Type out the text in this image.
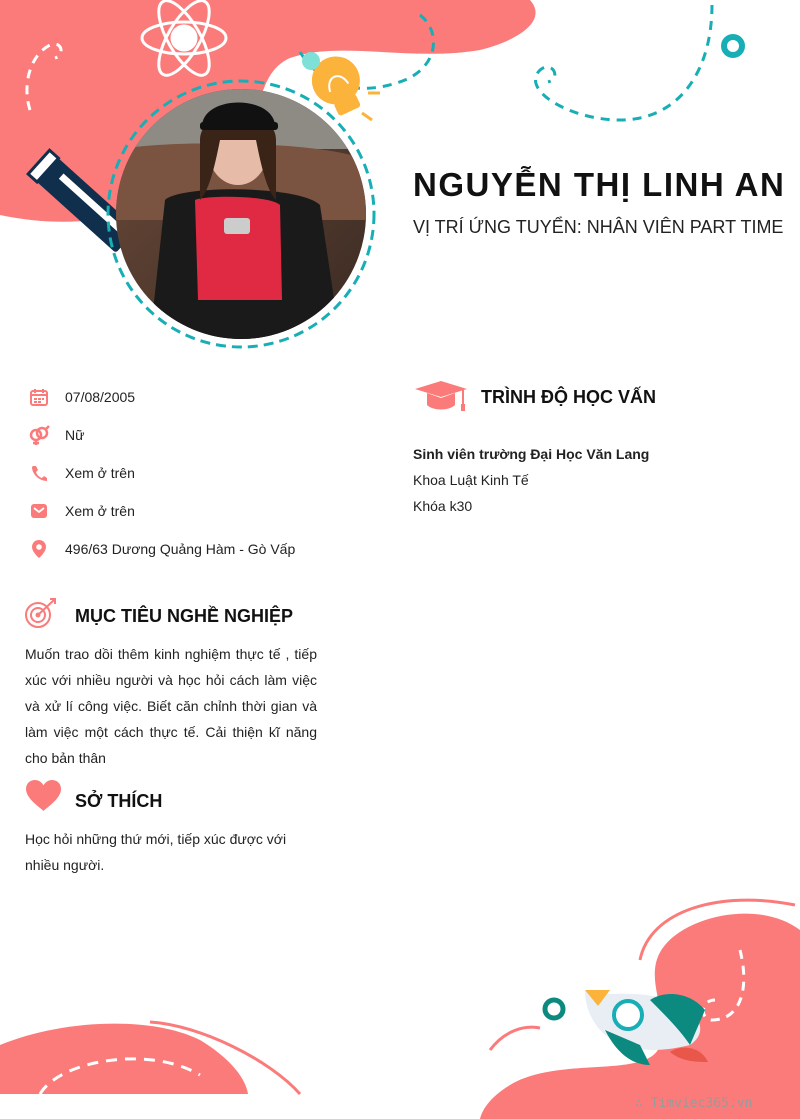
NGUYỄN THỊ LINH AN
VỊ TRÍ ỨNG TUYỂN: NHÂN VIÊN PART TIME
07/08/2005
Nữ
Xem ở trên
Xem ở trên
496/63 Dương Quảng Hàm - Gò Vấp
MỤC TIÊU NGHỀ NGHIỆP
Muốn trao dồi thêm kinh nghiệm thực tế , tiếp xúc với nhiều người và học hỏi cách làm việc và xử lí công việc. Biết căn chỉnh thời gian và làm việc một cách thực tế. Cải thiện kĩ năng cho bản thân
SỞ THÍCH
Học hỏi những thứ mới, tiếp xúc được với nhiều người.
TRÌNH ĐỘ HỌC VẤN
Sinh viên trường Đại Học Văn Lang
Khoa Luật Kinh Tế
Khóa k30
∴ Timviec365.vn
